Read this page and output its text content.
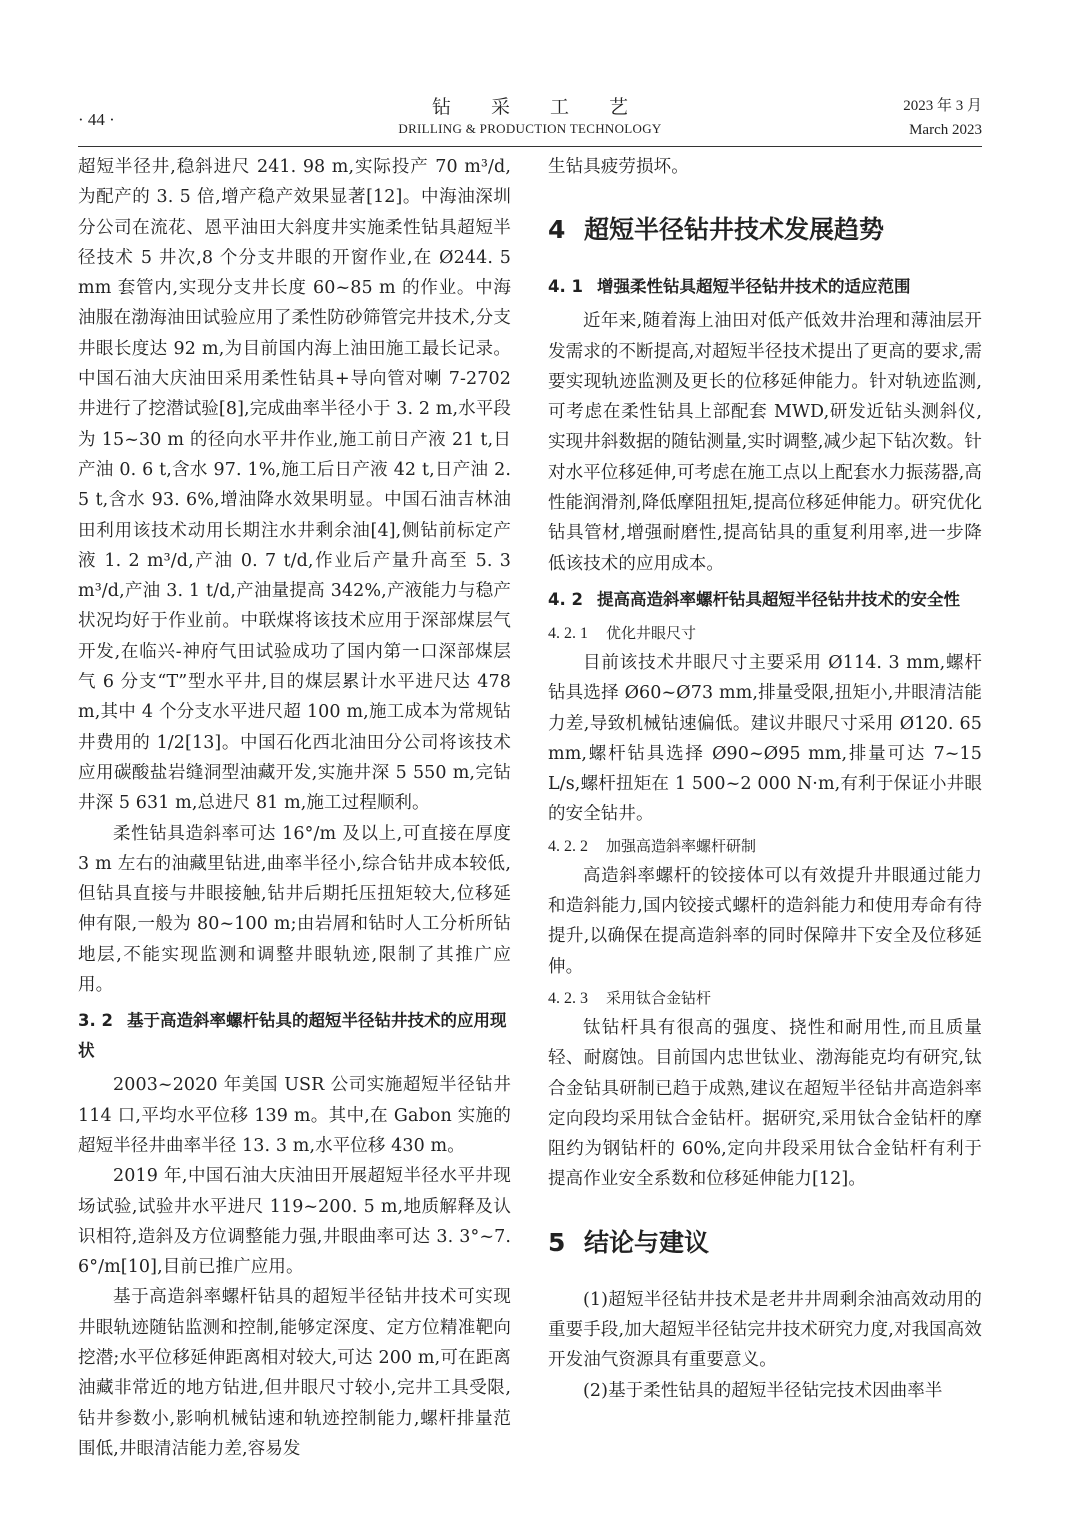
· 44 ·
钻采工艺
DRILLING & PRODUCTION TECHNOLOGY
2023 年 3 月
March 2023

超短半径井,稳斜进尺 241. 98 m,实际投产 70 m³/d,为配产的 3. 5 倍,增产稳产效果显著[12]。中海油深圳分公司在流花、恩平油田大斜度井实施柔性钻具超短半径技术 5 井次,8 个分支井眼的开窗作业,在 Ø244. 5 mm 套管内,实现分支井长度 60~85 m 的作业。中海油服在渤海油田试验应用了柔性防砂筛管完井技术,分支井眼长度达 92 m,为目前国内海上油田施工最长记录。中国石油大庆油田采用柔性钻具+导向管对喇 7-2702 井进行了挖潜试验[8],完成曲率半径小于 3. 2 m,水平段为 15~30 m 的径向水平井作业,施工前日产液 21 t,日产油 0. 6 t,含水 97. 1%,施工后日产液 42 t,日产油 2. 5 t,含水 93. 6%,增油降水效果明显。中国石油吉林油田利用该技术动用长期注水井剩余油[4],侧钻前标定产液 1. 2 m³/d,产油 0. 7 t/d,作业后产量升高至 5. 3 m³/d,产油 3. 1 t/d,产油量提高 342%,产液能力与稳产状况均好于作业前。中联煤将该技术应用于深部煤层气开发,在临兴-神府气田试验成功了国内第一口深部煤层气 6 分支“T”型水平井,目的煤层累计水平进尺达 478 m,其中 4 个分支水平进尺超 100 m,施工成本为常规钻井费用的 1/2[13]。中国石化西北油田分公司将该技术应用碳酸盐岩缝洞型油藏开发,实施井深 5 550 m,完钻井深 5 631 m,总进尺 81 m,施工过程顺利。

柔性钻具造斜率可达 16°/m 及以上,可直接在厚度 3 m 左右的油藏里钻进,曲率半径小,综合钻井成本较低,但钻具直接与井眼接触,钻井后期托压扭矩较大,位移延伸有限,一般为 80~100 m;由岩屑和钻时人工分析所钻地层,不能实现监测和调整井眼轨迹,限制了其推广应用。

3. 2 基于高造斜率螺杆钻具的超短半径钻井技术的应用现状

2003~2020 年美国 USR 公司实施超短半径钻井 114 口,平均水平位移 139 m。其中,在 Gabon 实施的超短半径井曲率半径 13. 3 m,水平位移 430 m。

2019 年,中国石油大庆油田开展超短半径水平井现场试验,试验井水平进尺 119~200. 5 m,地质解释及认识相符,造斜及方位调整能力强,井眼曲率可达 3. 3°~7. 6°/m[10],目前已推广应用。

基于高造斜率螺杆钻具的超短半径钻井技术可实现井眼轨迹随钻监测和控制,能够定深度、定方位精准靶向挖潜;水平位移延伸距离相对较大,可达 200 m,可在距离油藏非常近的地方钻进,但井眼尺寸较小,完井工具受限,钻井参数小,影响机械钻速和轨迹控制能力,螺杆排量范围低,井眼清洁能力差,容易发

生钻具疲劳损坏。

4 超短半径钻井技术发展趋势
4. 1 增强柔性钻具超短半径钻井技术的适应范围

近年来,随着海上油田对低产低效井治理和薄油层开发需求的不断提高,对超短半径技术提出了更高的要求,需要实现轨迹监测及更长的位移延伸能力。针对轨迹监测,可考虑在柔性钻具上部配套 MWD,研发近钻头测斜仪,实现井斜数据的随钻测量,实时调整,减少起下钻次数。针对水平位移延伸,可考虑在施工点以上配套水力振荡器,高性能润滑剂,降低摩阻扭矩,提高位移延伸能力。研究优化钻具管材,增强耐磨性,提高钻具的重复利用率,进一步降低该技术的应用成本。

4. 2 提高高造斜率螺杆钻具超短半径钻井技术的安全性
4. 2. 1 优化井眼尺寸

目前该技术井眼尺寸主要采用 Ø114. 3 mm,螺杆钻具选择 Ø60~Ø73 mm,排量受限,扭矩小,井眼清洁能力差,导致机械钻速偏低。建议井眼尺寸采用 Ø120. 65 mm,螺杆钻具选择 Ø90~Ø95 mm,排量可达 7~15 L/s,螺杆扭矩在 1 500~2 000 N·m,有利于保证小井眼的安全钻井。

4. 2. 2 加强高造斜率螺杆研制

高造斜率螺杆的铰接体可以有效提升井眼通过能力和造斜能力,国内铰接式螺杆的造斜能力和使用寿命有待提升,以确保在提高造斜率的同时保障井下安全及位移延伸。

4. 2. 3 采用钛合金钻杆

钛钻杆具有很高的强度、挠性和耐用性,而且质量轻、耐腐蚀。目前国内忠世钛业、渤海能克均有研究,钛合金钻具研制已趋于成熟,建议在超短半径钻井高造斜率定向段均采用钛合金钻杆。据研究,采用钛合金钻杆的摩阻约为钢钻杆的 60%,定向井段采用钛合金钻杆有利于提高作业安全系数和位移延伸能力[12]。

5 结论与建议

(1)超短半径钻井技术是老井井周剩余油高效动用的重要手段,加大超短半径钻完井技术研究力度,对我国高效开发油气资源具有重要意义。

(2)基于柔性钻具的超短半径钻完技术因曲率半
